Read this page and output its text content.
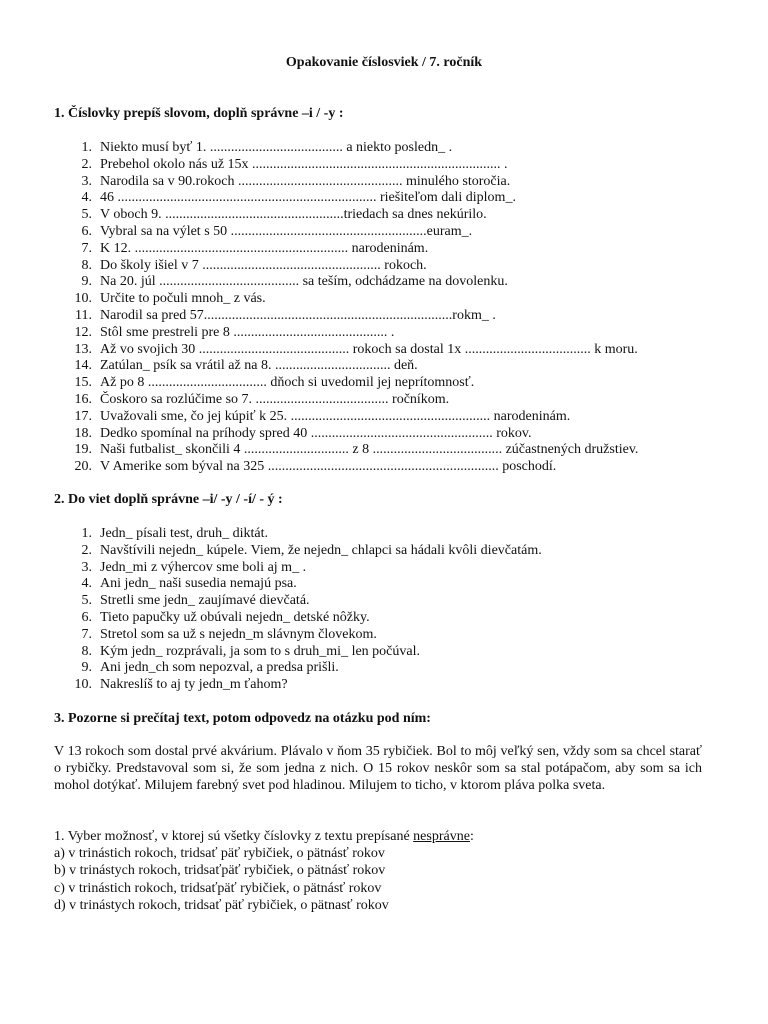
Opakovanie číslosviek / 7. ročník
1. Číslovky prepíš slovom, doplň správne –i / -y :
1. Niekto musí byť 1. ...................................... a niekto posledn_ .
2. Prebehol okolo nás už 15x ....................................................................... .
3. Narodila sa v 90.rokoch ............................................... minulého storočia.
4. 46 .......................................................................... riešiteľom dali diplom_.
5. V oboch 9. ...................................................triedach sa dnes nekúrilo.
6. Vybral sa na výlet s 50 ........................................................euram_.
7. K 12. ............................................................. narodeninám.
8. Do školy išiel v 7 ................................................... rokoch.
9. Na 20. júl ........................................ sa teším, odchádzame na dovolenku.
10. Určite to počuli mnoh_ z vás.
11. Narodil sa pred 57.......................................................................rokm_ .
12. Stôl sme prestreli pre 8 ............................................ .
13. Až vo svojich 30 ........................................... rokoch sa dostal 1x .................................... k moru.
14. Zatúlan_ psík sa vrátil až na 8. ................................. deň.
15. Až po 8 .................................. dňoch si uvedomil jej neprítomnosť.
16. Čoskoro sa rozlúčime so 7. ...................................... ročníkom.
17. Uvažovali sme, čo jej kúpiť k 25. ......................................................... narodeninám.
18. Dedko spomínal na príhody spred 40 .................................................... rokov.
19. Naši futbalist_ skončili 4 .............................. z 8 ..................................... zúčastnených družstiev.
20. V Amerike som býval na 325 .................................................................. poschodí.
2. Do viet doplň správne –i/ -y / -í/ - ý :
1. Jedn_ písali test, druh_ diktát.
2. Navštívili nejedn_ kúpele. Viem, že nejedn_ chlapci sa hádali kvôli dievčatám.
3. Jedn_mi z výhercov sme boli aj m_ .
4. Ani jedn_ naši susedia nemajú psa.
5. Stretli sme jedn_ zaujímavé dievčatá.
6. Tieto papučky už obúvali nejedn_ detské nôžky.
7. Stretol som sa už s nejedn_m slávnym človekom.
8. Kým jedn_ rozprávali, ja som to s druh_mi_ len počúval.
9. Ani jedn_ch som nepozval, a predsa prišli.
10. Nakreslíš to aj ty jedn_m ťahom?
3. Pozorne si prečítaj text, potom odpovedz na otázku pod ním:
V 13 rokoch som dostal prvé akvárium. Plávalo v ňom 35 rybičiek. Bol to môj veľký sen, vždy som sa chcel starať o rybičky. Predstavoval som si, že som jedna z nich. O 15 rokov neskôr som sa stal potápačom, aby som sa ich mohol dotýkať. Milujem farebný svet pod hladinou. Milujem to ticho, v ktorom pláva polka sveta.
1. Vyber možnosť, v ktorej sú všetky číslovky z textu prepísané nesprávne:
a) v trinástich rokoch, tridsať päť rybičiek, o pätnásť rokov
b) v trinástych rokoch, tridsaťpäť rybičiek, o pätnásť rokov
c) v trinástich rokoch, tridsaťpäť rybičiek, o pätnásť rokov
d) v trinástych rokoch, tridsať päť rybičiek, o pätnasť rokov
